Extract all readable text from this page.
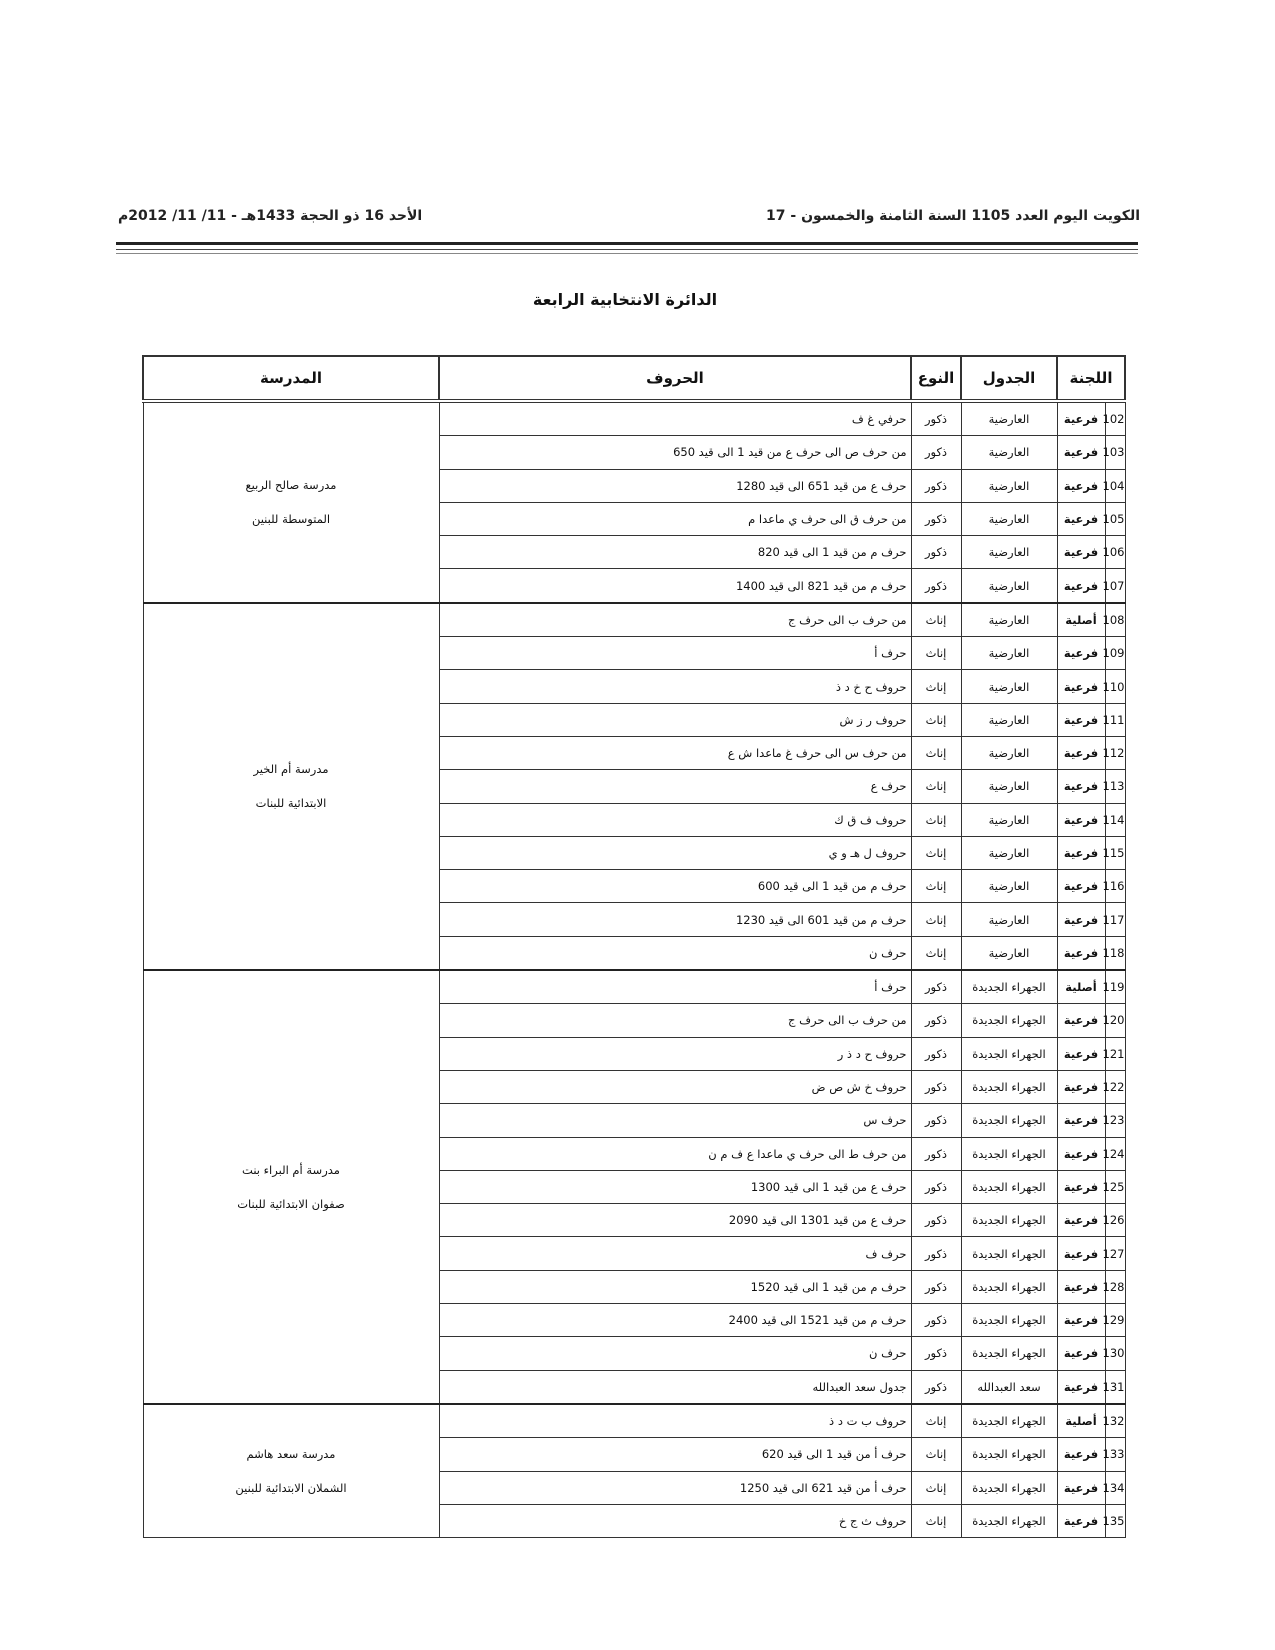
الكويت اليوم العدد 1105 السنة الثامنة والخمسون - 17
الأحد 16 ذو الحجة 1433هـ - 11/ 11/ 2012م
الدائرة الانتخابية الرابعة
اللجنة		الجدول	النوع	الحروف	المدرسة
102	فرعية	العارضية	ذكور	حرفي غ ف	مدرسة صالح الربيع
المتوسطة للبنين

103	فرعية	العارضية	ذكور	من حرف ص الى حرف ع من قيد 1 الى قيد 650	
104	فرعية	العارضية	ذكور	حرف ع من قيد 651 الى قيد 1280	
105	فرعية	العارضية	ذكور	من حرف ق الى حرف ي ماعدا م	
106	فرعية	العارضية	ذكور	حرف م من قيد 1 الى قيد 820	
107	فرعية	العارضية	ذكور	حرف م من قيد 821 الى قيد 1400	
108	أصلية	العارضية	إناث	من حرف ب الى حرف ج	مدرسة أم الخير
الابتدائية للبنات

109	فرعية	العارضية	إناث	حرف أ	
110	فرعية	العارضية	إناث	حروف ح خ د ذ	
111	فرعية	العارضية	إناث	حروف ر ز ش	
112	فرعية	العارضية	إناث	من حرف س الى حرف غ ماعدا ش ع	
113	فرعية	العارضية	إناث	حرف ع	
114	فرعية	العارضية	إناث	حروف ف ق ك	
115	فرعية	العارضية	إناث	حروف ل هـ و ي	
116	فرعية	العارضية	إناث	حرف م من قيد 1 الى قيد 600	
117	فرعية	العارضية	إناث	حرف م من قيد 601 الى قيد 1230	
118	فرعية	العارضية	إناث	حرف ن	
119	أصلية	الجهراء الجديدة	ذكور	حرف أ	مدرسة أم البراء بنت
صفوان الابتدائية للبنات

120	فرعية	الجهراء الجديدة	ذكور	من حرف ب الى حرف ج	
121	فرعية	الجهراء الجديدة	ذكور	حروف ح د ذ ر	
122	فرعية	الجهراء الجديدة	ذكور	حروف خ ش ص ض	
123	فرعية	الجهراء الجديدة	ذكور	حرف س	
124	فرعية	الجهراء الجديدة	ذكور	من حرف ط الى حرف ي ماعدا ع ف م ن	
125	فرعية	الجهراء الجديدة	ذكور	حرف ع من قيد 1 الى قيد 1300	
126	فرعية	الجهراء الجديدة	ذكور	حرف ع من قيد 1301 الى قيد 2090	
127	فرعية	الجهراء الجديدة	ذكور	حرف ف	
128	فرعية	الجهراء الجديدة	ذكور	حرف م من قيد 1 الى قيد 1520	
129	فرعية	الجهراء الجديدة	ذكور	حرف م من قيد 1521 الى قيد 2400	
130	فرعية	الجهراء الجديدة	ذكور	حرف ن	
131	فرعية	سعد العبدالله	ذكور	جدول سعد العبدالله	
132	أصلية	الجهراء الجديدة	إناث	حروف ب ت د ذ	مدرسة سعد هاشم
الشملان الابتدائية للبنين

133	فرعية	الجهراء الجديدة	إناث	حرف أ من قيد 1 الى قيد 620	
134	فرعية	الجهراء الجديدة	إناث	حرف أ من قيد 621 الى قيد 1250	
135	فرعية	الجهراء الجديدة	إناث	حروف ث ج خ	
